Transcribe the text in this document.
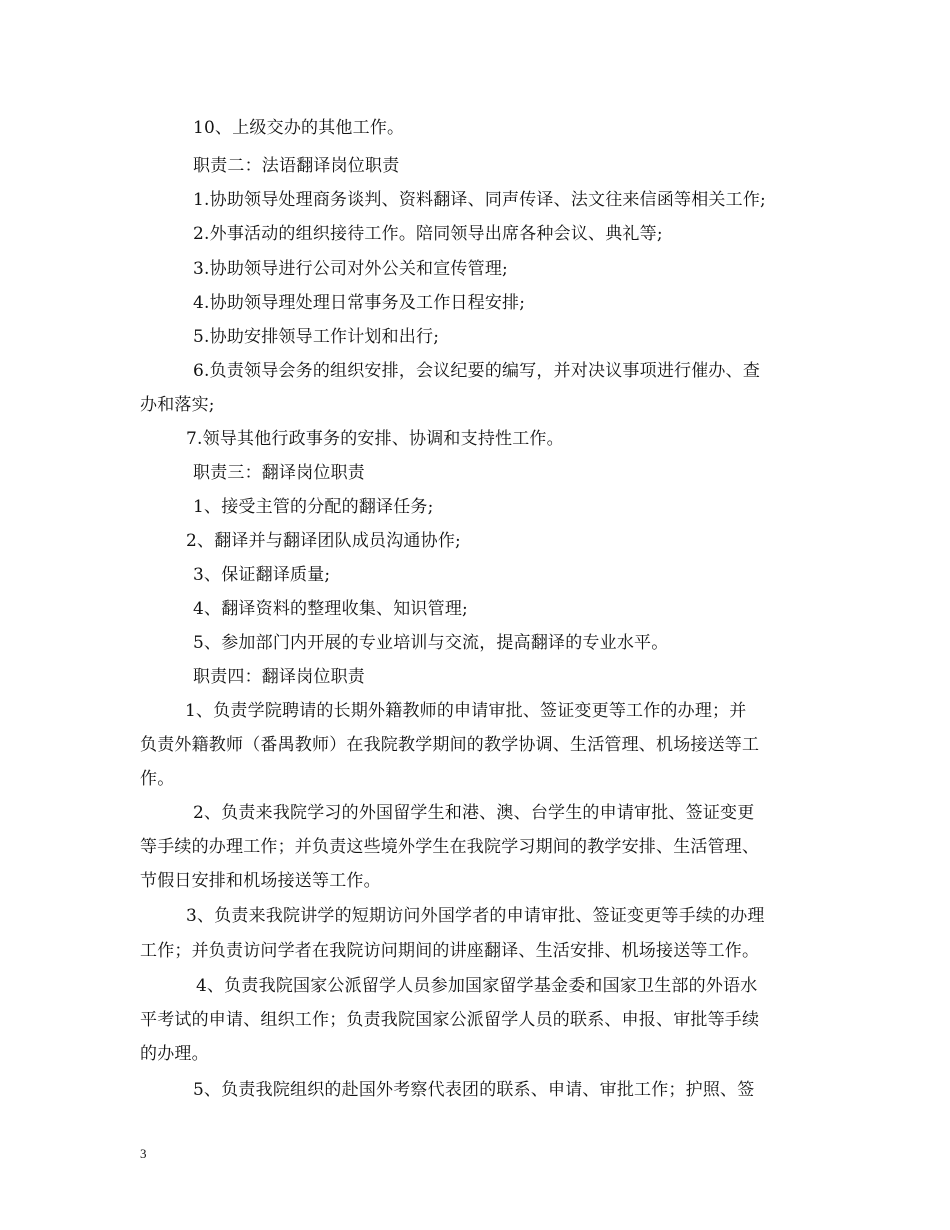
10、上级交办的其他工作。
职责二：法语翻译岗位职责
1.协助领导处理商务谈判、资料翻译、同声传译、法文往来信函等相关工作;
2.外事活动的组织接待工作。陪同领导出席各种会议、典礼等;
3.协助领导进行公司对外公关和宣传管理;
4.协助领导理处理日常事务及工作日程安排;
5.协助安排领导工作计划和出行;
6.负责领导会务的组织安排，会议纪要的编写，并对决议事项进行催办、查
办和落实;
7.领导其他行政事务的安排、协调和支持性工作。
职责三：翻译岗位职责
1、接受主管的分配的翻译任务;
2、翻译并与翻译团队成员沟通协作;
3、保证翻译质量;
4、翻译资料的整理收集、知识管理;
5、参加部门内开展的专业培训与交流，提高翻译的专业水平。
职责四：翻译岗位职责
1、负责学院聘请的长期外籍教师的申请审批、签证变更等工作的办理；并
负责外籍教师（番禺教师）在我院教学期间的教学协调、生活管理、机场接送等工
作。
2、负责来我院学习的外国留学生和港、澳、台学生的申请审批、签证变更
等手续的办理工作；并负责这些境外学生在我院学习期间的教学安排、生活管理、
节假日安排和机场接送等工作。
3、负责来我院讲学的短期访问外国学者的申请审批、签证变更等手续的办理
工作；并负责访问学者在我院访问期间的讲座翻译、生活安排、机场接送等工作。
4、负责我院国家公派留学人员参加国家留学基金委和国家卫生部的外语水
平考试的申请、组织工作；负责我院国家公派留学人员的联系、申报、审批等手续
的办理。
5、负责我院组织的赴国外考察代表团的联系、申请、审批工作；护照、签
3
